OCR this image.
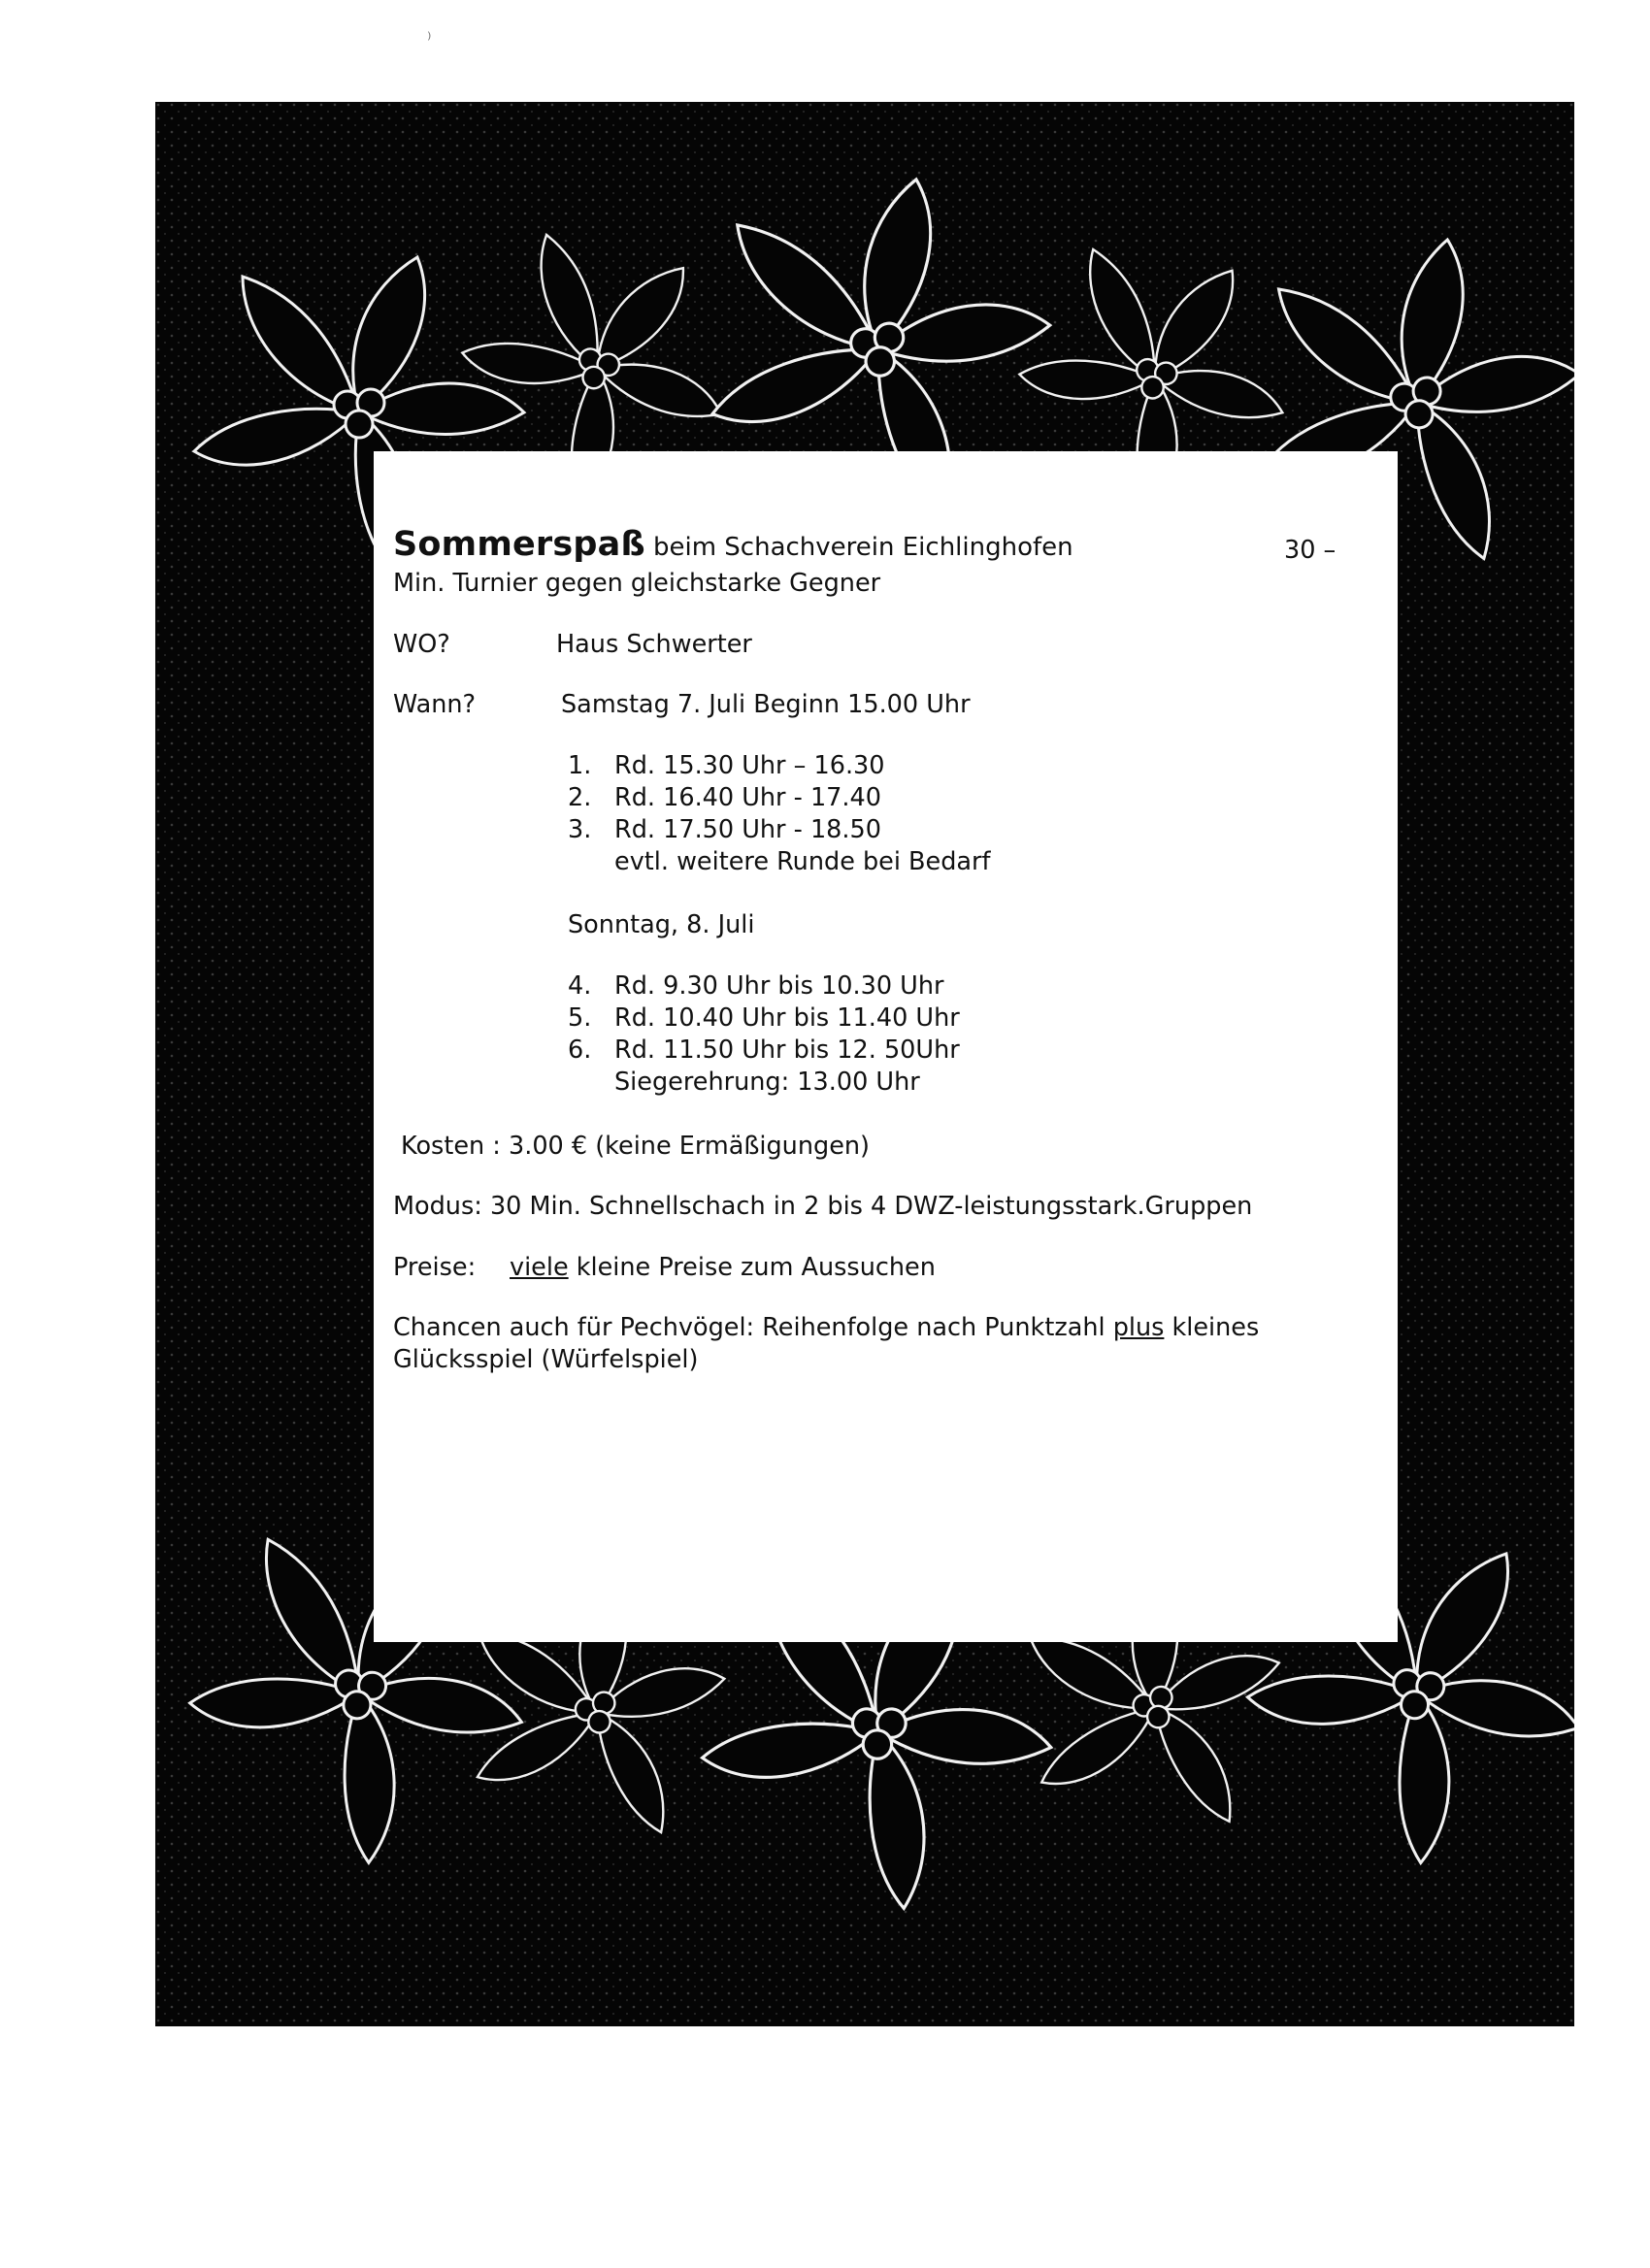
⁾
Sommerspaß beim Schachverein Eichlinghofen	30 –
Min. Turnier gegen gleichstarke Gegner
WO?	Haus Schwerter
Wann?	Samstag 7. Juli Beginn 15.00 Uhr
1. Rd. 15.30 Uhr – 16.30
2. Rd. 16.40 Uhr - 17.40
3. Rd. 17.50 Uhr - 18.50
evtl. weitere Runde bei Bedarf
Sonntag, 8. Juli
4. Rd. 9.30 Uhr bis 10.30 Uhr
5. Rd. 10.40 Uhr bis 11.40 Uhr
6. Rd. 11.50 Uhr bis 12. 50Uhr
Siegerehrung: 13.00 Uhr
Kosten : 3.00 € (keine Ermäßigungen)
Modus: 30 Min. Schnellschach in 2 bis 4 DWZ-leistungsstark.Gruppen
Preise: viele kleine Preise zum Aussuchen
Chancen auch für Pechvögel: Reihenfolge nach Punktzahl plus kleines
Glücksspiel (Würfelspiel)
